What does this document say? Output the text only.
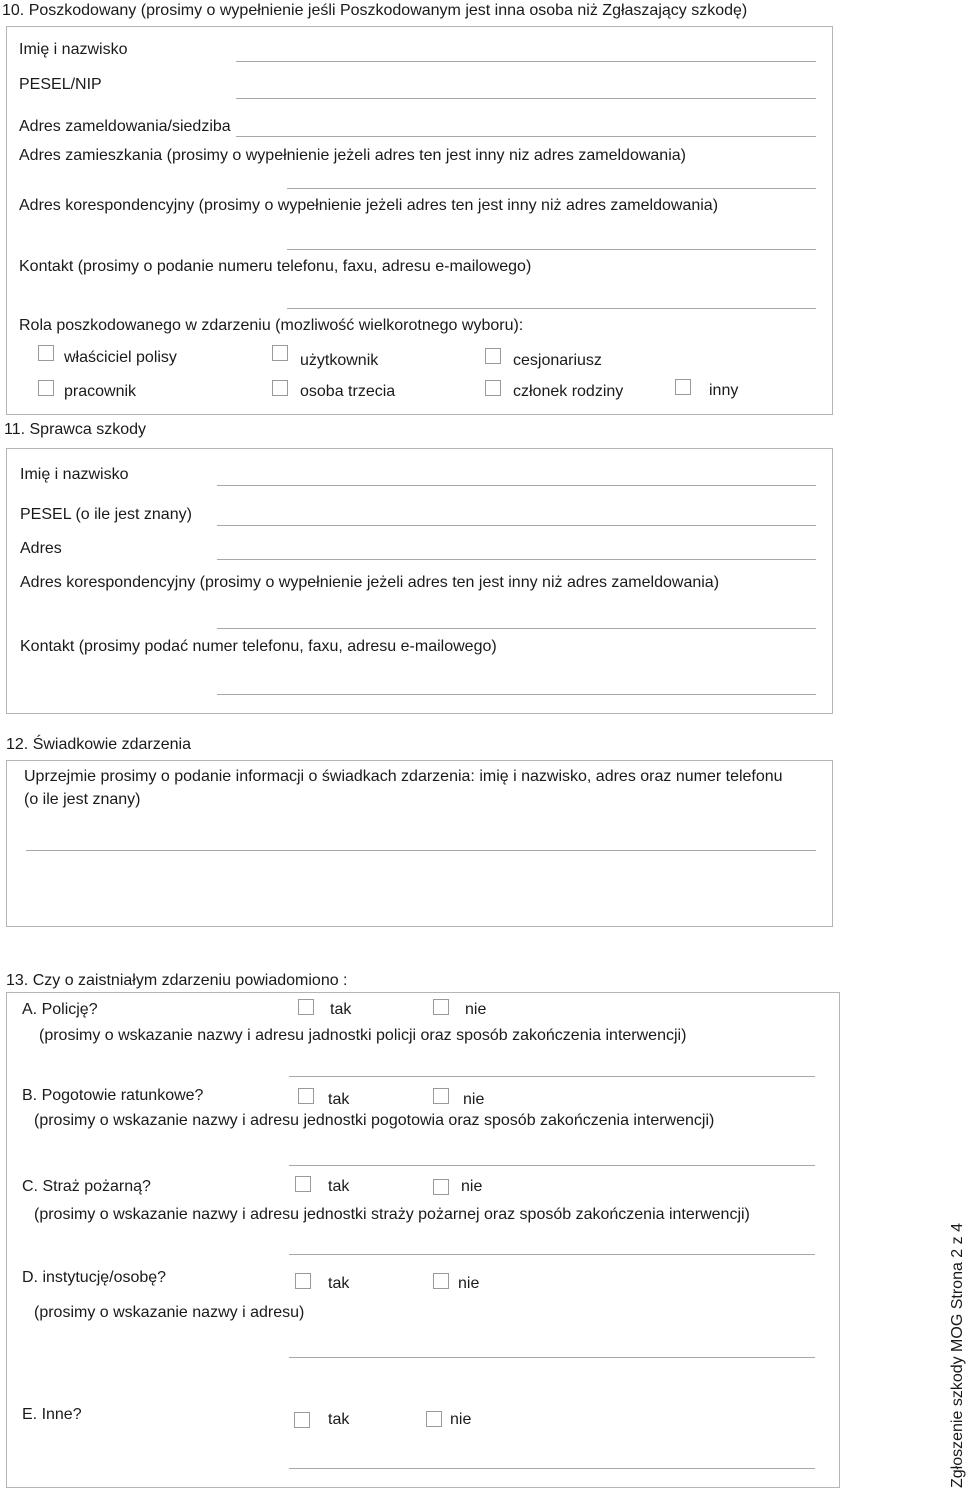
10. Poszkodowany (prosimy o wypełnienie jeśli Poszkodowanym jest inna osoba niż Zgłaszający szkodę)
Imię i nazwisko
PESEL/NIP
Adres zameldowania/siedziba
Adres zamieszkania (prosimy o wypełnienie jeżeli adres ten jest inny niz adres zameldowania)
Adres korespondencyjny (prosimy o wypełnienie jeżeli adres ten jest inny niż adres zameldowania)
Kontakt (prosimy o podanie numeru telefonu, faxu, adresu e-mailowego)
Rola poszkodowanego w zdarzeniu (mozliwość wielkorotnego wyboru):
właściciel polisy	użytkownik	cesjonariusz
pracownik	osoba trzecia	członek rodziny	inny
11. Sprawca szkody
Imię i nazwisko
PESEL (o ile jest znany)
Adres
Adres korespondencyjny (prosimy o wypełnienie jeżeli adres ten jest inny niż adres zameldowania)
Kontakt (prosimy podać numer telefonu, faxu, adresu e-mailowego)
12. Świadkowie zdarzenia
Uprzejmie prosimy o podanie informacji o świadkach zdarzenia: imię i nazwisko, adres oraz numer telefonu
(o ile jest znany)
13. Czy o zaistniałym zdarzeniu powiadomiono :
A. Policję?	tak	nie
(prosimy o wskazanie nazwy i adresu jadnostki policji oraz sposób zakończenia interwencji)
B. Pogotowie ratunkowe?	tak	nie
(prosimy o wskazanie nazwy i adresu jednostki pogotowia oraz sposób zakończenia interwencji)
C. Straż pożarną?	tak	nie
(prosimy o wskazanie nazwy i adresu jednostki straży pożarnej oraz sposób zakończenia interwencji)
D. instytucję/osobę?	tak	nie
(prosimy o wskazanie nazwy i adresu)
E. Inne?	tak	nie	Zgłoszenie szkody MOG Strona 2 z 4
